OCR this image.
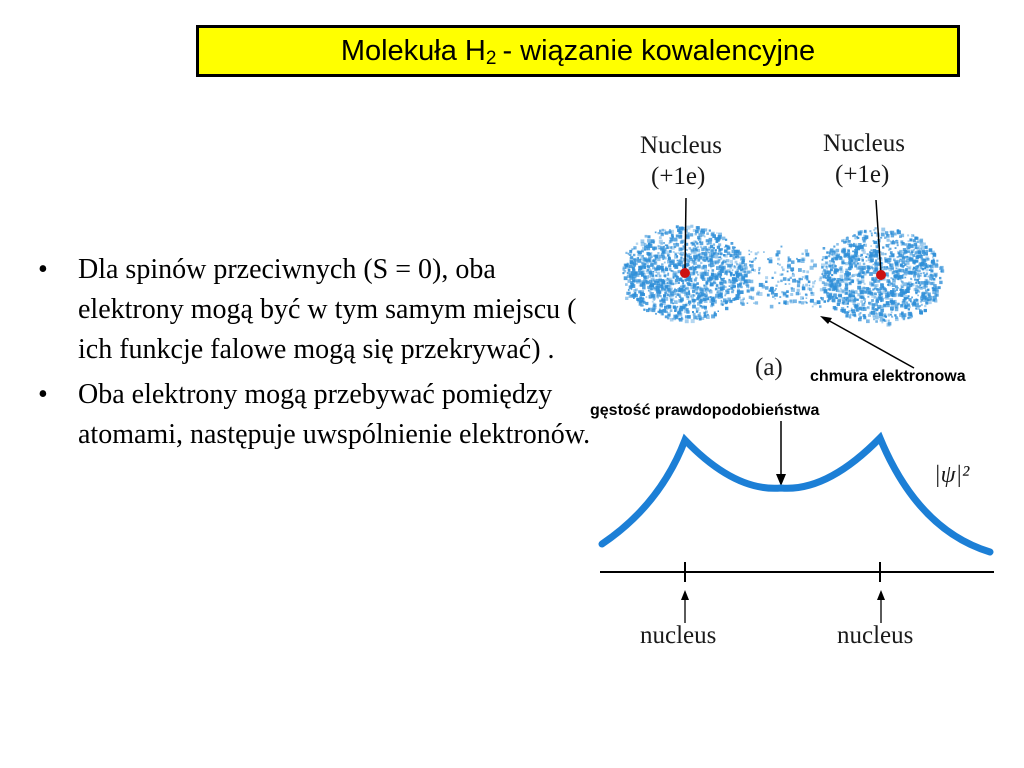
Molekuła H 2 - wiązanie kowalencyjne
• Dla spinów przeciwnych (S = 0), oba elektrony mogą być w tym samym miejscu ( ich funkcje falowe mogą się przekrywać) .
• Oba elektrony mogą przebywać pomiędzy atomami, następuje uwspólnienie elektronów.
Nucleus
(+1e)
Nucleus
(+1e)
(a) chmura elektronowa
gęstość prawdopodobieństwa
|ψ|²
nucleus	nucleus
